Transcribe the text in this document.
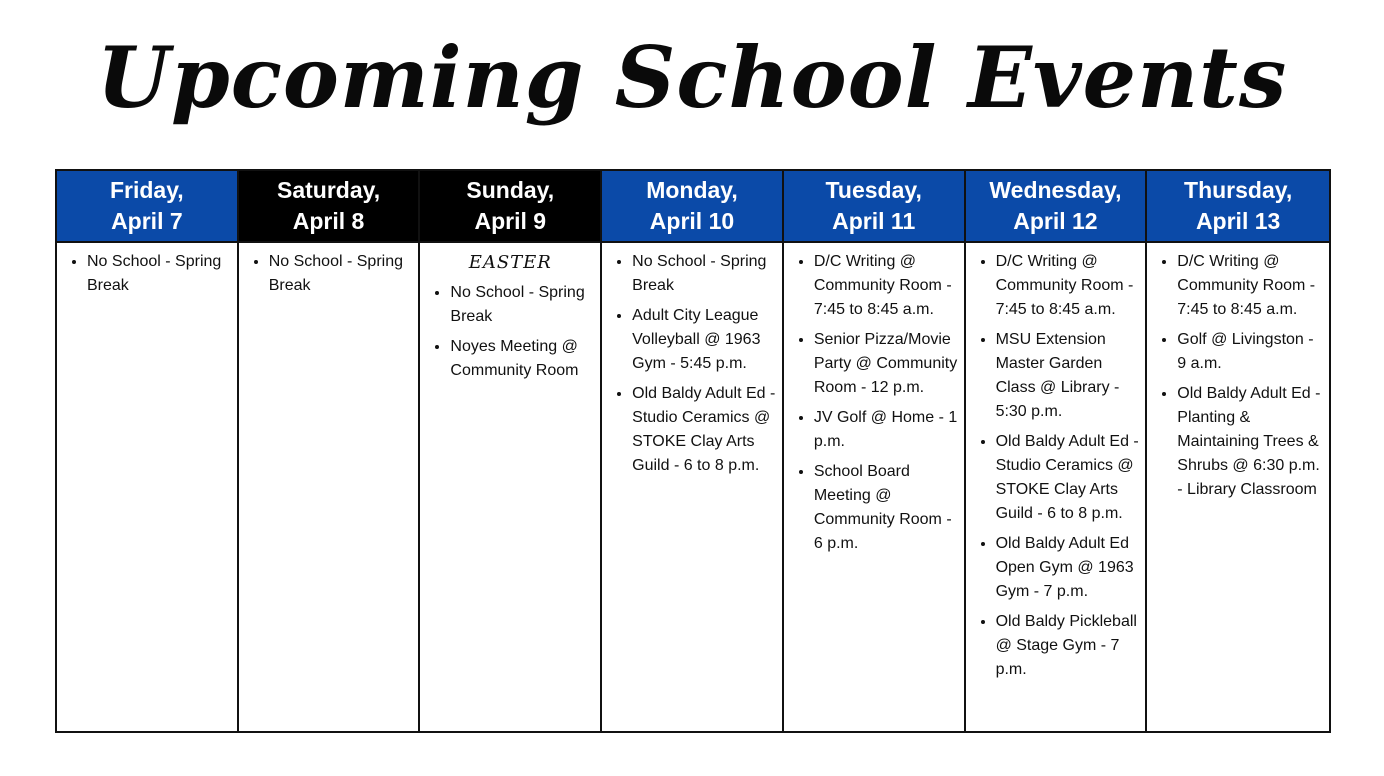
Upcoming School Events
Friday,
April 7
• No School - Spring Break
Saturday,
April 8
• No School - Spring Break
Sunday,
April 9
EASTER
• No School - Spring Break
• Noyes Meeting @ Community Room
Monday,
April 10
• No School - Spring Break
• Adult City League Volleyball @ 1963 Gym - 5:45 p.m.
• Old Baldy Adult Ed - Studio Ceramics @ STOKE Clay Arts Guild - 6 to 8 p.m.
Tuesday,
April 11
• D/C Writing @ Community Room - 7:45 to 8:45 a.m.
• Senior Pizza/Movie Party @ Community Room - 12 p.m.
• JV Golf @ Home - 1 p.m.
• School Board Meeting @ Community Room - 6 p.m.
Wednesday,
April 12
• D/C Writing @ Community Room - 7:45 to 8:45 a.m.
• MSU Extension Master Garden Class @ Library - 5:30 p.m.
• Old Baldy Adult Ed - Studio Ceramics @ STOKE Clay Arts Guild - 6 to 8 p.m.
• Old Baldy Adult Ed Open Gym @ 1963 Gym - 7 p.m.
• Old Baldy Pickleball @ Stage Gym - 7 p.m.
Thursday,
April 13
• D/C Writing @ Community Room - 7:45 to 8:45 a.m.
• Golf @ Livingston - 9 a.m.
• Old Baldy Adult Ed - Planting & Maintaining Trees & Shrubs @ 6:30 p.m. - Library Classroom
